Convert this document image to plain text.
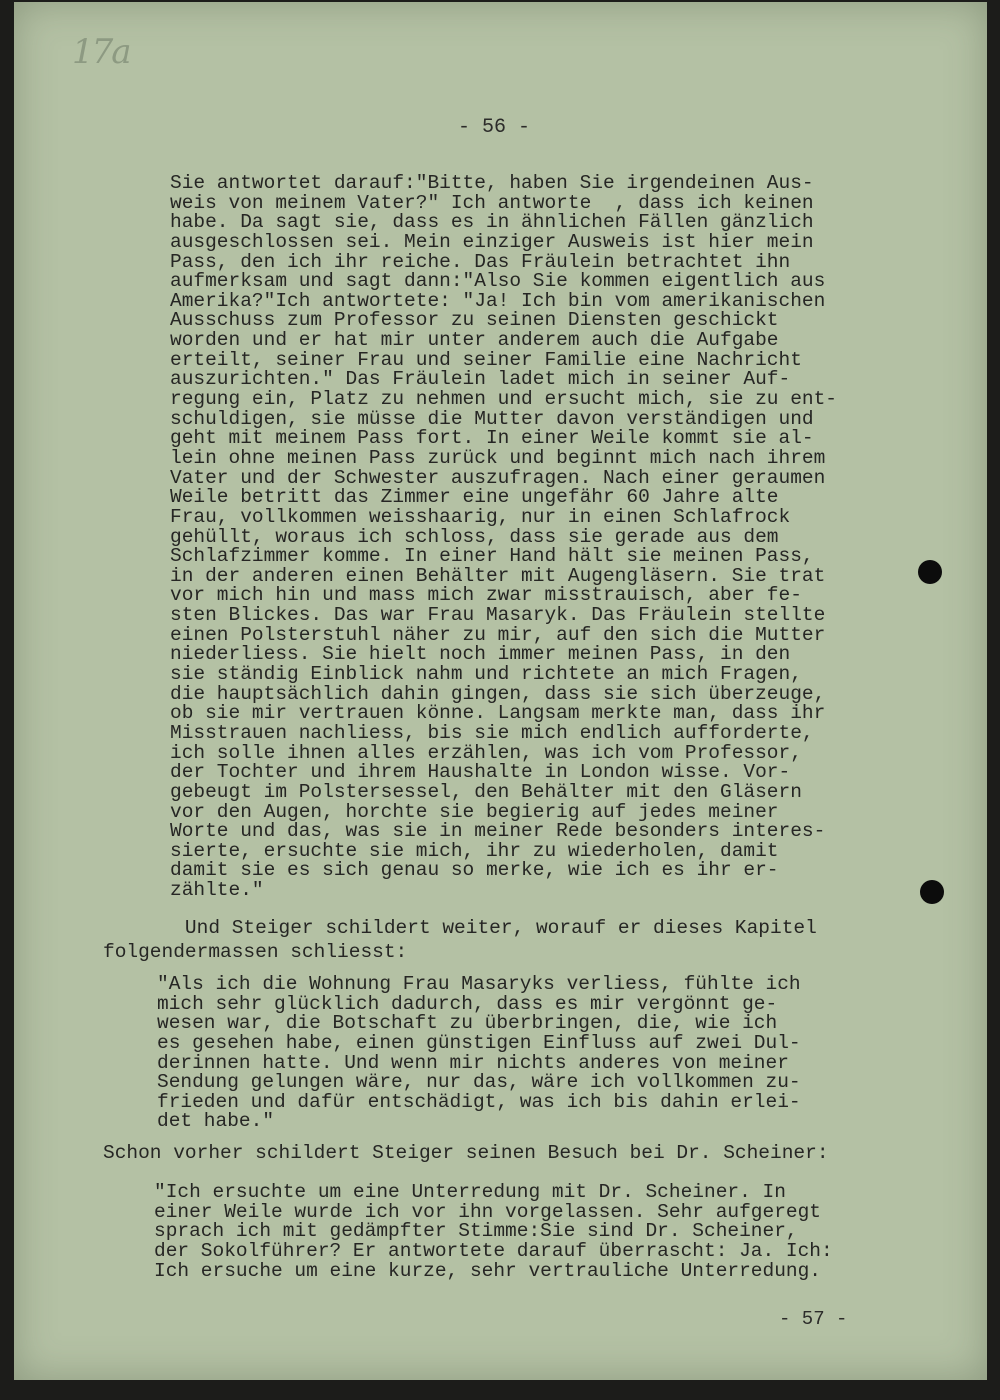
17a
- 56 -
- 57 -
Sie antwortet darauf:"Bitte, haben Sie irgendeinen Aus-
weis von meinem Vater?" Ich antworte  , dass ich keinen
habe. Da sagt sie, dass es in ähnlichen Fällen gänzlich
ausgeschlossen sei. Mein einziger Ausweis ist hier mein
Pass, den ich ihr reiche. Das Fräulein betrachtet ihn
aufmerksam und sagt dann:"Also Sie kommen eigentlich aus
Amerika?"Ich antwortete: "Ja! Ich bin vom amerikanischen
Ausschuss zum Professor zu seinen Diensten geschickt
worden und er hat mir unter anderem auch die Aufgabe
erteilt, seiner Frau und seiner Familie eine Nachricht
auszurichten." Das Fräulein ladet mich in seiner Auf-
regung ein, Platz zu nehmen und ersucht mich, sie zu ent-
schuldigen, sie müsse die Mutter davon verständigen und
geht mit meinem Pass fort. In einer Weile kommt sie al-
lein ohne meinen Pass zurück und beginnt mich nach ihrem
Vater und der Schwester auszufragen. Nach einer geraumen
Weile betritt das Zimmer eine ungefähr 60 Jahre alte
Frau, vollkommen weisshaarig, nur in einen Schlafrock
gehüllt, woraus ich schloss, dass sie gerade aus dem
Schlafzimmer komme. In einer Hand hält sie meinen Pass,
in der anderen einen Behälter mit Augengläsern. Sie trat
vor mich hin und mass mich zwar misstrauisch, aber fe-
sten Blickes. Das war Frau Masaryk. Das Fräulein stellte
einen Polsterstuhl näher zu mir, auf den sich die Mutter
niederliess. Sie hielt noch immer meinen Pass, in den
sie ständig Einblick nahm und richtete an mich Fragen,
die hauptsächlich dahin gingen, dass sie sich überzeuge,
ob sie mir vertrauen könne. Langsam merkte man, dass ihr
Misstrauen nachliess, bis sie mich endlich aufforderte,
ich solle ihnen alles erzählen, was ich vom Professor,
der Tochter und ihrem Haushalte in London wisse. Vor-
gebeugt im Polstersessel, den Behälter mit den Gläsern
vor den Augen, horchte sie begierig auf jedes meiner
Worte und das, was sie in meiner Rede besonders interes-
sierte, ersuchte sie mich, ihr zu wiederholen, damit
damit sie es sich genau so merke, wie ich es ihr er-
zählte."
Und Steiger schildert weiter, worauf er dieses Kapitel
folgendermassen schliesst:
"Als ich die Wohnung Frau Masaryks verliess, fühlte ich
mich sehr glücklich dadurch, dass es mir vergönnt ge-
wesen war, die Botschaft zu überbringen, die, wie ich
es gesehen habe, einen günstigen Einfluss auf zwei Dul-
derinnen hatte. Und wenn mir nichts anderes von meiner
Sendung gelungen wäre, nur das, wäre ich vollkommen zu-
frieden und dafür entschädigt, was ich bis dahin erlei-
det habe."
Schon vorher schildert Steiger seinen Besuch bei Dr. Scheiner:
"Ich ersuchte um eine Unterredung mit Dr. Scheiner. In
einer Weile wurde ich vor ihn vorgelassen. Sehr aufgeregt
sprach ich mit gedämpfter Stimme:Sie sind Dr. Scheiner,
der Sokolführer? Er antwortete darauf überrascht: Ja. Ich:
Ich ersuche um eine kurze, sehr vertrauliche Unterredung.
